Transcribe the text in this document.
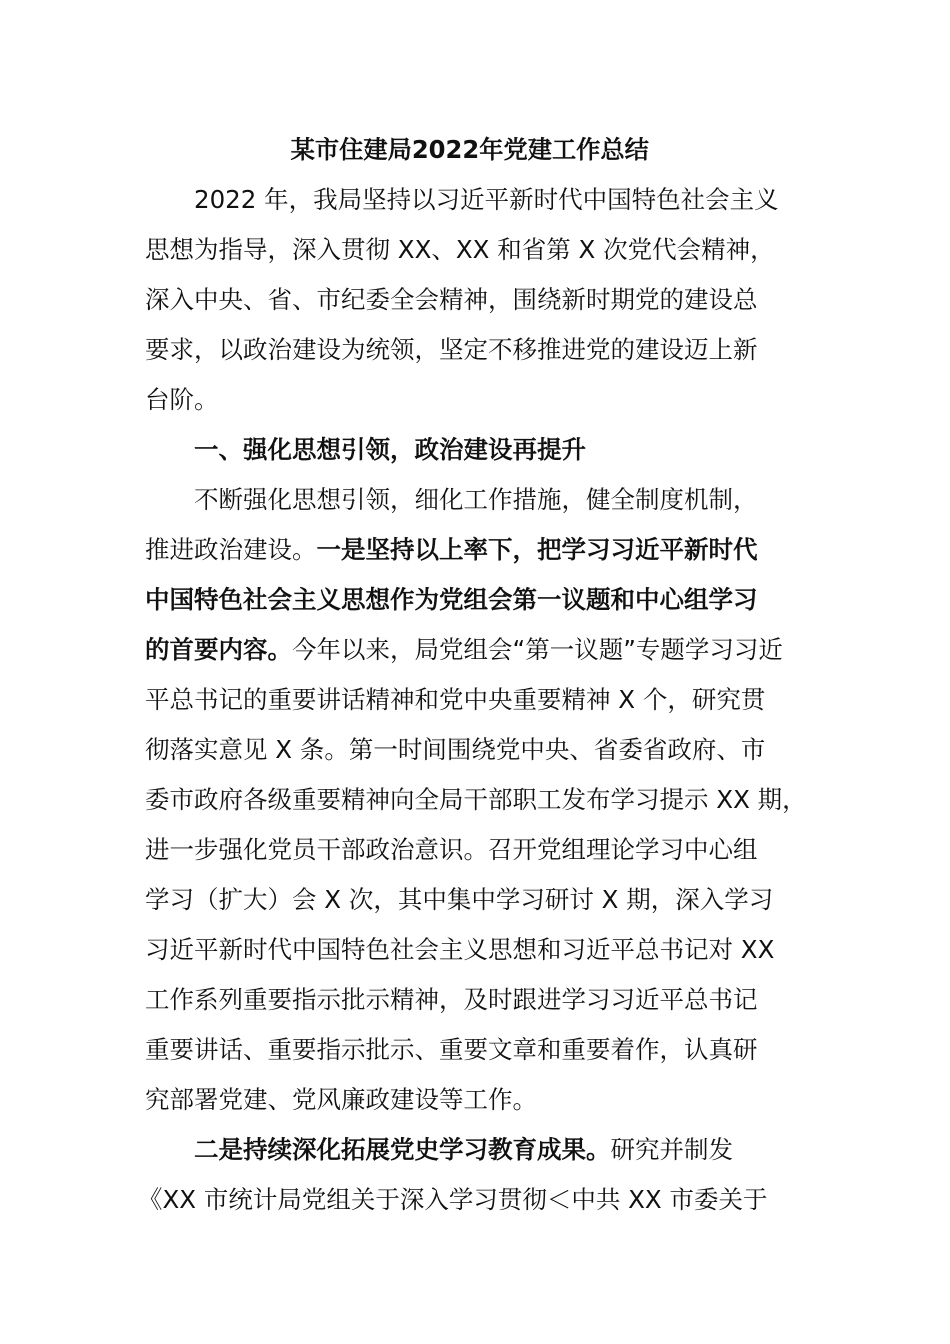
某市住建局2022年党建工作总结
2022 年，我局坚持以习近平新时代中国特色社会主义
思想为指导，深入贯彻 XX、XX 和省第 X 次党代会精神，
深入中央、省、市纪委全会精神，围绕新时期党的建设总
要求，以政治建设为统领，坚定不移推进党的建设迈上新
台阶。
一、强化思想引领，政治建设再提升
不断强化思想引领，细化工作措施，健全制度机制，
推进政治建设。一是坚持以上率下，把学习习近平新时代
中国特色社会主义思想作为党组会第一议题和中心组学习
的首要内容。今年以来，局党组会“第一议题”专题学习习近
平总书记的重要讲话精神和党中央重要精神 X 个，研究贯
彻落实意见 X 条。第一时间围绕党中央、省委省政府、市
委市政府各级重要精神向全局干部职工发布学习提示 XX 期，
进一步强化党员干部政治意识。召开党组理论学习中心组
学习（扩大）会 X 次，其中集中学习研讨 X 期，深入学习
习近平新时代中国特色社会主义思想和习近平总书记对 XX
工作系列重要指示批示精神，及时跟进学习习近平总书记
重要讲话、重要指示批示、重要文章和重要着作，认真研
究部署党建、党风廉政建设等工作。
二是持续深化拓展党史学习教育成果。研究并制发
《XX 市统计局党组关于深入学习贯彻＜中共 XX 市委关于
